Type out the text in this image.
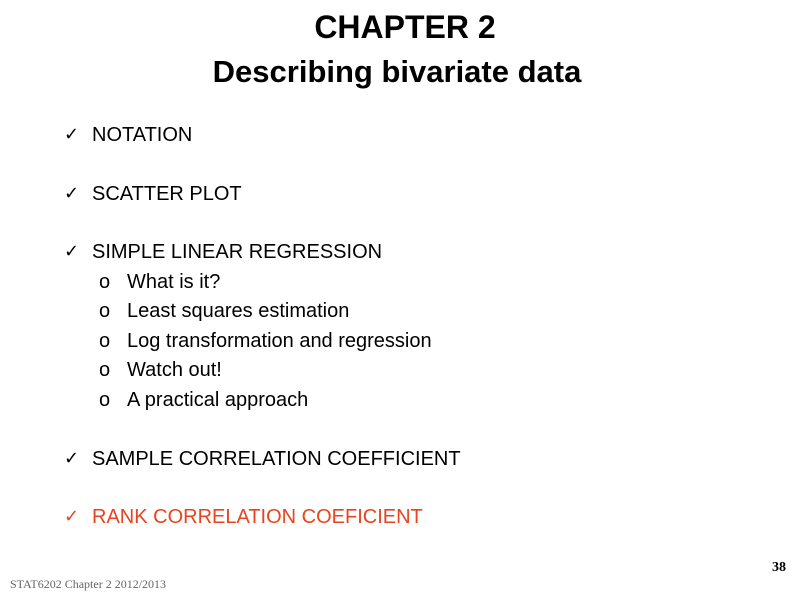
CHAPTER 2
Describing bivariate data
✓ NOTATION
✓ SCATTER PLOT
✓ SIMPLE LINEAR REGRESSION
o What is it?
o Least squares estimation
o Log transformation and regression
o Watch out!
o A practical approach
✓ SAMPLE CORRELATION COEFFICIENT
✓ RANK CORRELATION COEFICIENT
38
STAT6202 Chapter 2 2012/2013
